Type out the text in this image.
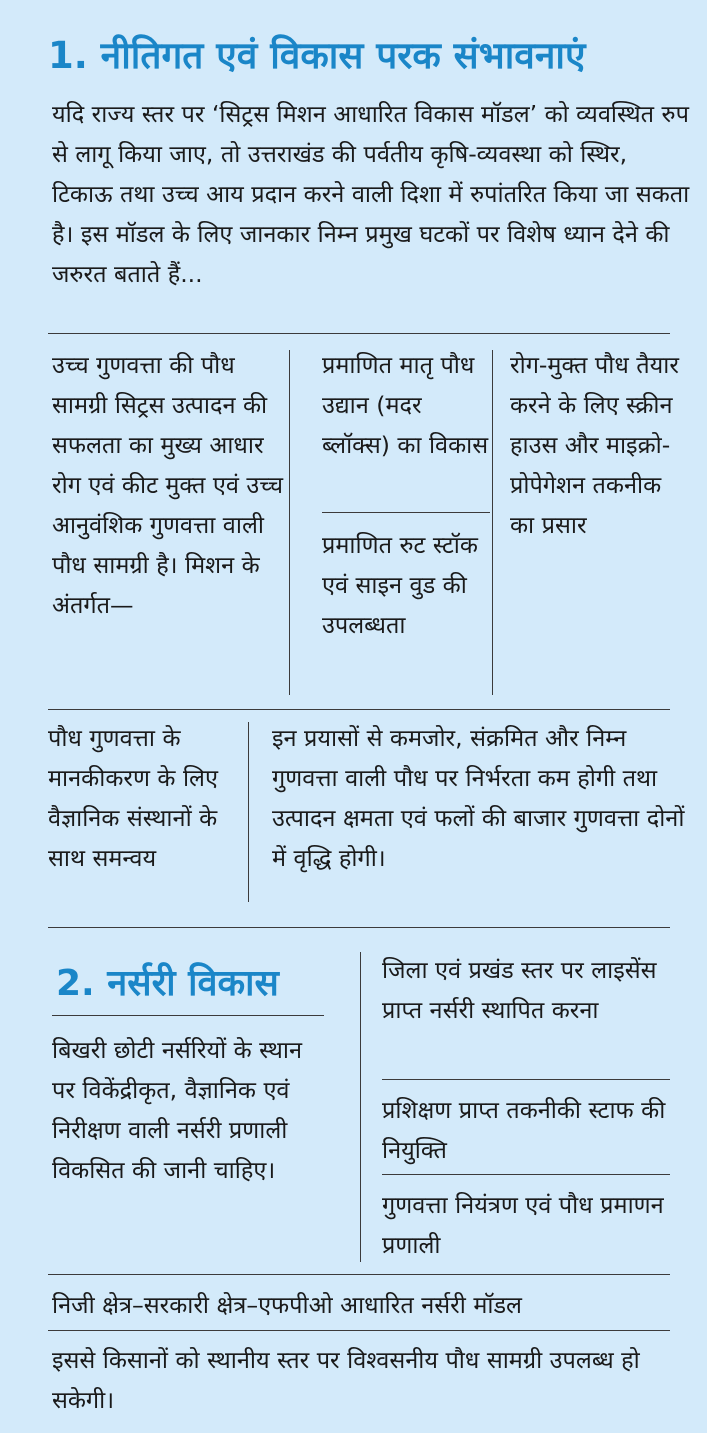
1. नीतिगत एवं विकास परक संभावनाएं
यदि राज्य स्तर पर ‘सिट्रस मिशन आधारित विकास मॉडल’ को व्यवस्थित रुप से लागू किया जाए, तो उत्तराखंड की पर्वतीय कृषि-व्यवस्था को स्थिर, टिकाऊ तथा उच्च आय प्रदान करने वाली दिशा में रुपांतरित किया जा सकता है। इस मॉडल के लिए जानकार निम्न प्रमुख घटकों पर विशेष ध्यान देने की जरुरत बताते हैं...
उच्च गुणवत्ता की पौध सामग्री सिट्रस उत्पादन की सफलता का मुख्य आधार रोग एवं कीट मुक्त एवं उच्च आनुवंशिक गुणवत्ता वाली पौध सामग्री है। मिशन के अंतर्गत—
प्रमाणित मातृ पौध उद्यान (मदर ब्लॉक्स) का विकास
प्रमाणित रुट स्टॉक एवं साइन वुड की उपलब्धता
रोग-मुक्त पौध तैयार करने के लिए स्क्रीन हाउस और माइक्रो-प्रोपेगेशन तकनीक का प्रसार
पौध गुणवत्ता के मानकीकरण के लिए वैज्ञानिक संस्थानों के साथ समन्वय
इन प्रयासों से कमजोर, संक्रमित और निम्न गुणवत्ता वाली पौध पर निर्भरता कम होगी तथा उत्पादन क्षमता एवं फलों की बाजार गुणवत्ता दोनों में वृद्धि होगी।
2. नर्सरी विकास
बिखरी छोटी नर्सरियों के स्थान पर विकेंद्रीकृत, वैज्ञानिक एवं निरीक्षण वाली नर्सरी प्रणाली विकसित की जानी चाहिए।
जिला एवं प्रखंड स्तर पर लाइसेंस प्राप्त नर्सरी स्थापित करना
प्रशिक्षण प्राप्त तकनीकी स्टाफ की नियुक्ति
गुणवत्ता नियंत्रण एवं पौध प्रमाणन प्रणाली
निजी क्षेत्र–सरकारी क्षेत्र–एफपीओ आधारित नर्सरी मॉडल
इससे किसानों को स्थानीय स्तर पर विश्वसनीय पौध सामग्री उपलब्ध हो सकेगी।
